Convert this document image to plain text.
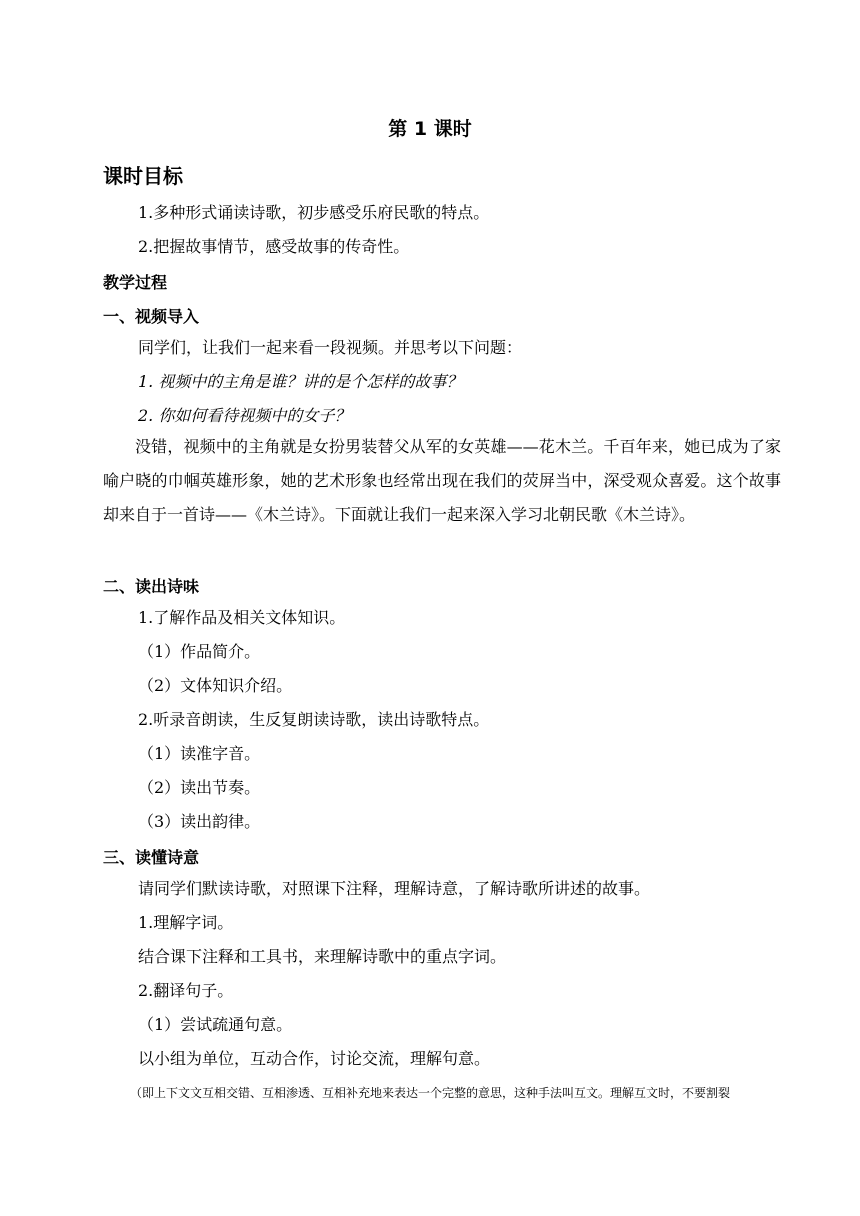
第 1 课时
课时目标
1.多种形式诵读诗歌，初步感受乐府民歌的特点。
2.把握故事情节，感受故事的传奇性。
教学过程
一、视频导入
同学们，让我们一起来看一段视频。并思考以下问题：
1. 视频中的主角是谁？讲的是个怎样的故事？
2. 你如何看待视频中的女子？
没错，视频中的主角就是女扮男装替父从军的女英雄——花木兰。千百年来，她已成为了家喻户晓的巾帼英雄形象，她的艺术形象也经常出现在我们的荧屏当中，深受观众喜爱。这个故事却来自于一首诗——《木兰诗》。下面就让我们一起来深入学习北朝民歌《木兰诗》。
二、读出诗味
1.了解作品及相关文体知识。
（1）作品简介。
（2）文体知识介绍。
2.听录音朗读，生反复朗读诗歌，读出诗歌特点。
（1）读准字音。
（2）读出节奏。
（3）读出韵律。
三、读懂诗意
请同学们默读诗歌，对照课下注释，理解诗意，了解诗歌所讲述的故事。
1.理解字词。
结合课下注释和工具书，来理解诗歌中的重点字词。
2.翻译句子。
（1）尝试疏通句意。
以小组为单位，互动合作，讨论交流，理解句意。
（即上下文文互相交错、互相渗透、互相补充地来表达一个完整的意思，这种手法叫互文。理解互文时，不要割裂
